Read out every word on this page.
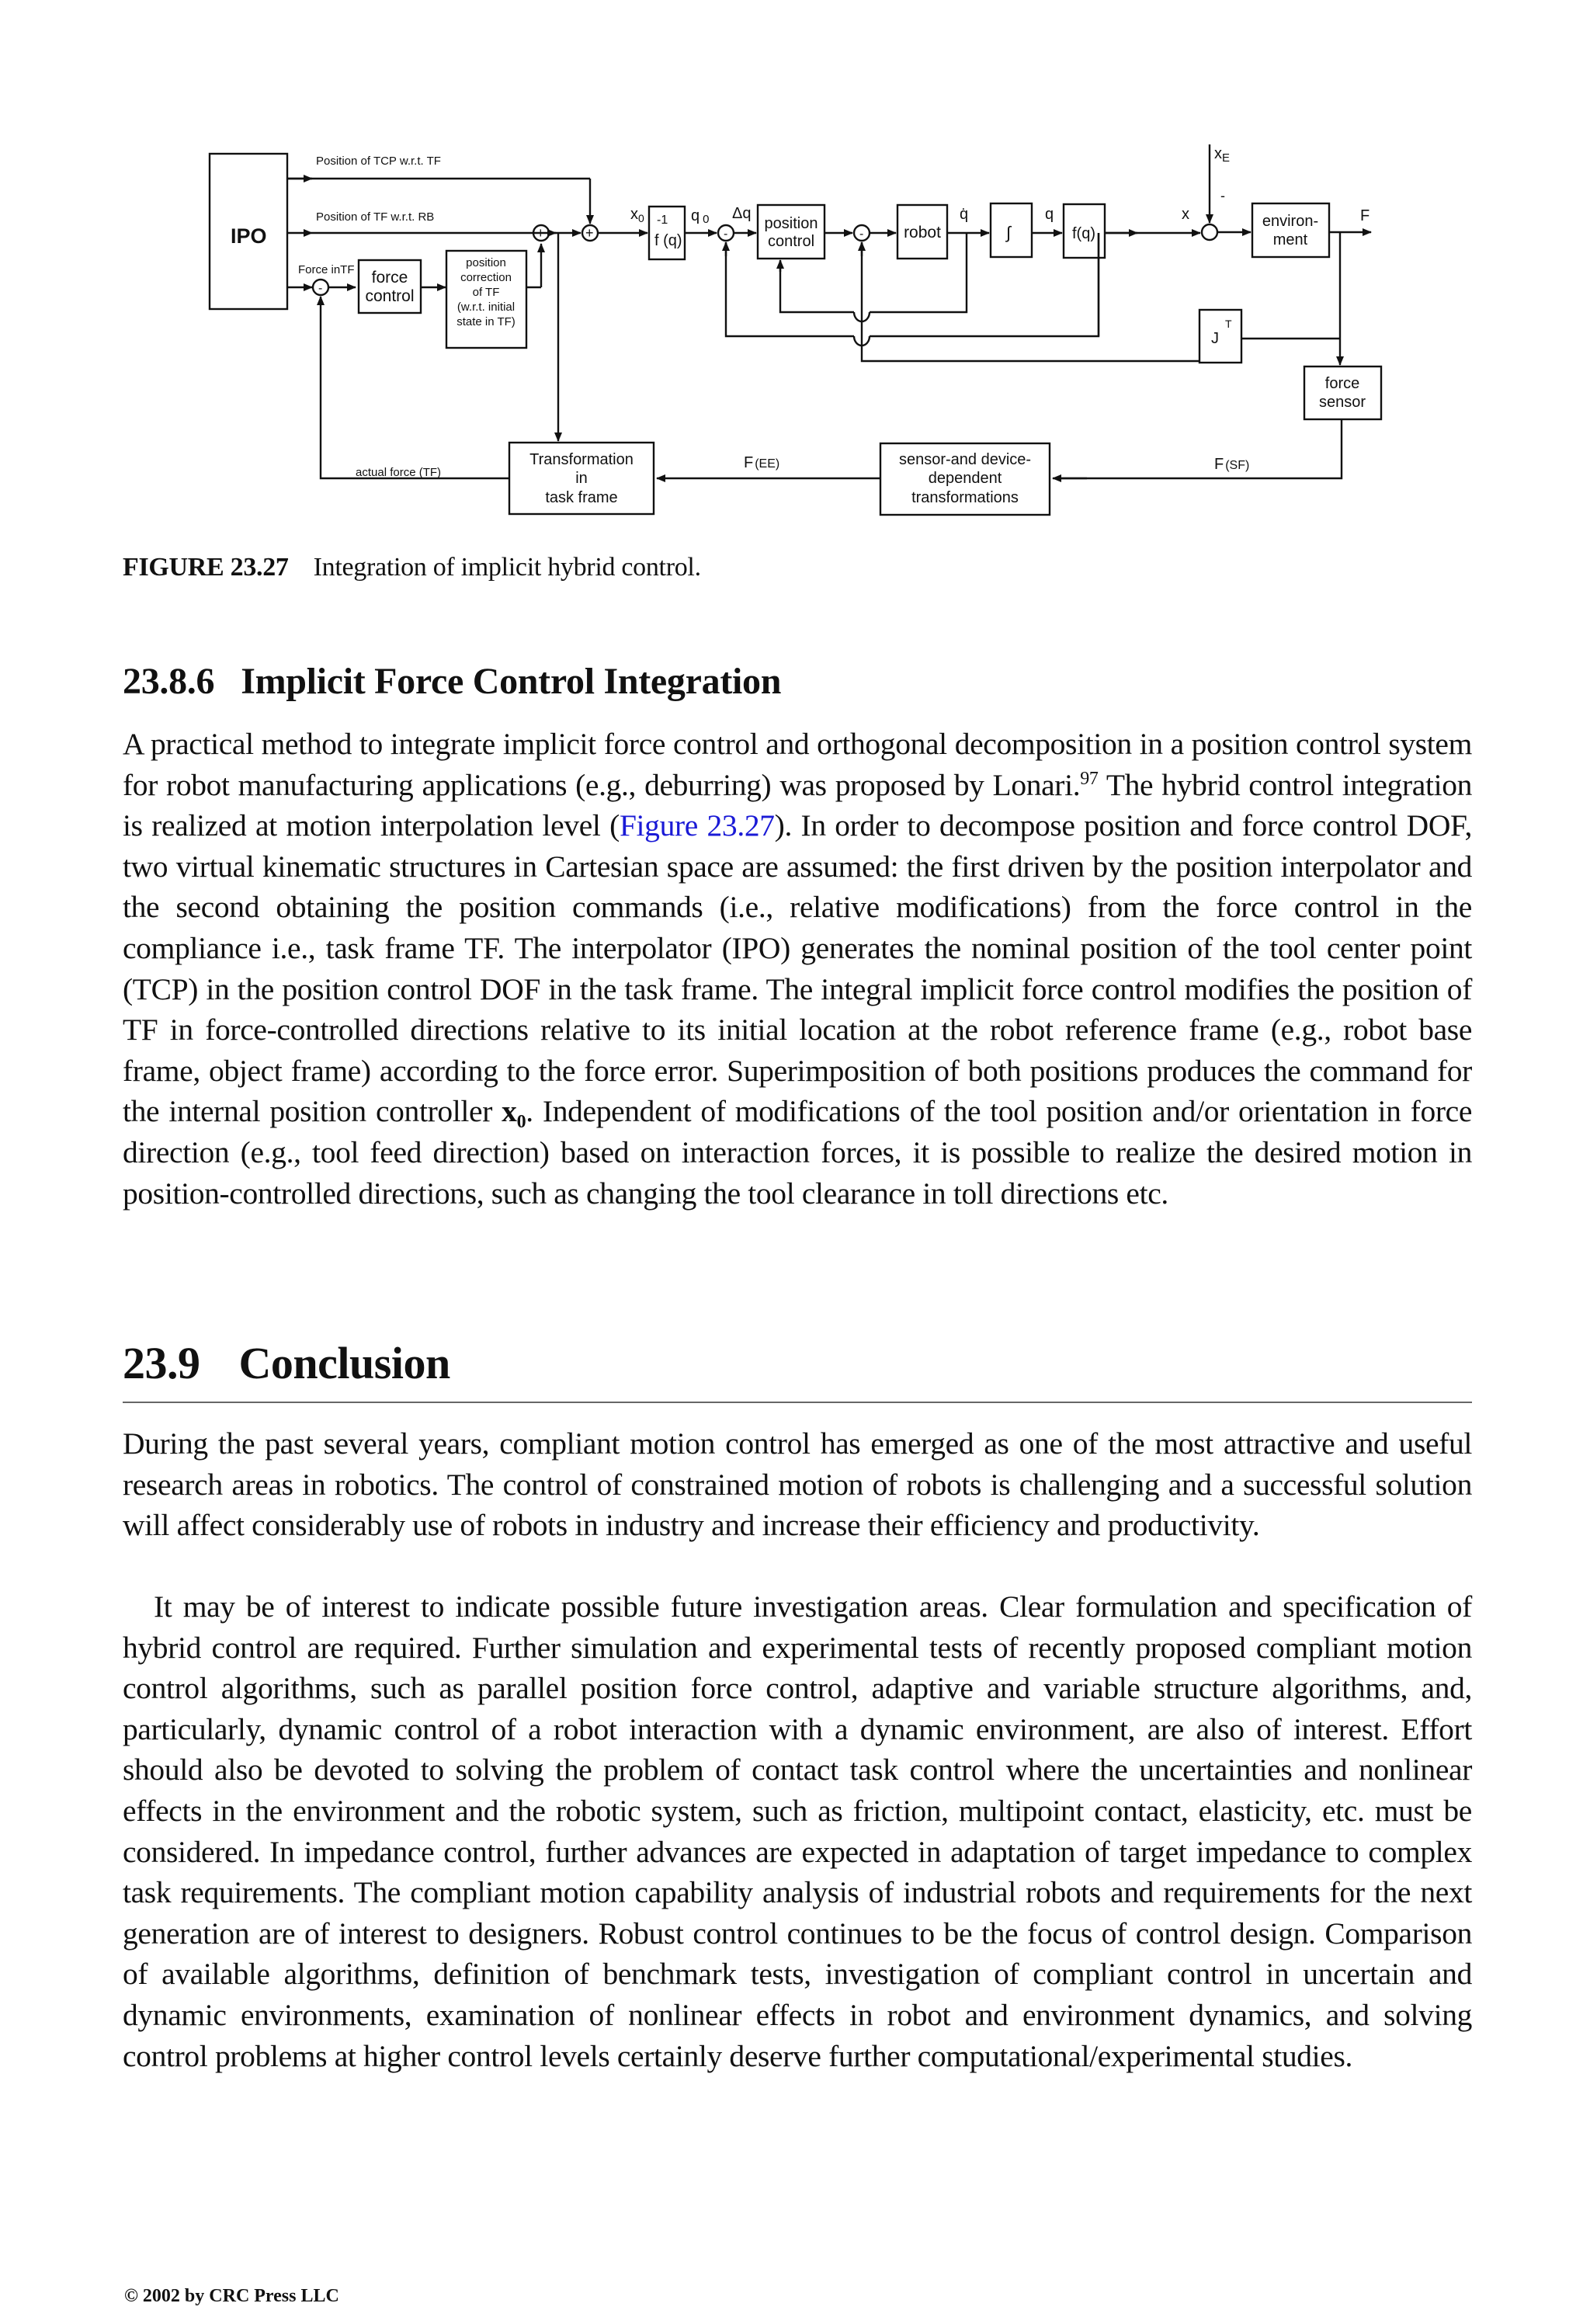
IPO
Position of TCP w.r.t. TF
Position of TF w.r.t. RB
Force inTF
-
force
control
position
correction
of TF
(w.r.t. initial
state in TF)
+	+
$x_0$ -1
f (q)
q 0
-
Δq
position
control	- robot
q̇
∫
q
f(q)
x
$x_E$
-
environ-
ment
F
J
T
force
sensor
Transformation
in
task frame
sensor-and device-
dependent
transformations
F (EE)	F (SF)
actual force (TF)
FIGURE 23.27 Integration of implicit hybrid control.
23.8.6 Implicit Force Control Integration
A practical method to integrate implicit force control and orthogonal decomposition in a position control system for robot manufacturing applications (e.g., deburring) was proposed by Lonari.$^{97}$ The hybrid control integration is realized at motion interpolation level (Figure 23.27). In order to decompose position and force control DOF, two virtual kinematic structures in Cartesian space are assumed: the first driven by the position interpolator and the second obtaining the position commands (i.e., relative modifications) from the force control in the compliance i.e., task frame TF. The interpolator (IPO) generates the nominal position of the tool center point (TCP) in the position control DOF in the task frame. The integral implicit force control modifies the position of TF in force-controlled directions relative to its initial location at the robot reference frame (e.g., robot base frame, object frame) according to the force error. Superimposition of both positions produces the command for the internal position controller $x_0$. Independent of modifications of the tool position and/or orientation in force direction (e.g., tool feed direction) based on interaction forces, it is possible to realize the desired motion in position-controlled directions, such as changing the tool clearance in toll directions etc.
23.9 Conclusion
During the past several years, compliant motion control has emerged as one of the most attractive and useful research areas in robotics. The control of constrained motion of robots is challenging and a successful solution will affect considerably use of robots in industry and increase their efficiency and productivity.
It may be of interest to indicate possible future investigation areas. Clear formulation and specification of hybrid control are required. Further simulation and experimental tests of recently proposed compliant motion control algorithms, such as parallel position force control, adaptive and variable structure algorithms, and, particularly, dynamic control of a robot interaction with a dynamic environment, are also of interest. Effort should also be devoted to solving the problem of contact task control where the uncertainties and nonlinear effects in the environment and the robotic system, such as friction, multipoint contact, elasticity, etc. must be considered. In impedance control, further advances are expected in adaptation of target impedance to complex task requirements. The compliant motion capability analysis of industrial robots and requirements for the next generation are of interest to designers. Robust control continues to be the focus of control design. Comparison of available algorithms, definition of benchmark tests, investigation of compliant control in uncertain and dynamic environments, examination of nonlinear effects in robot and environment dynamics, and solving control problems at higher control levels certainly deserve further computational/experimental studies.
© 2002 by CRC Press LLC
